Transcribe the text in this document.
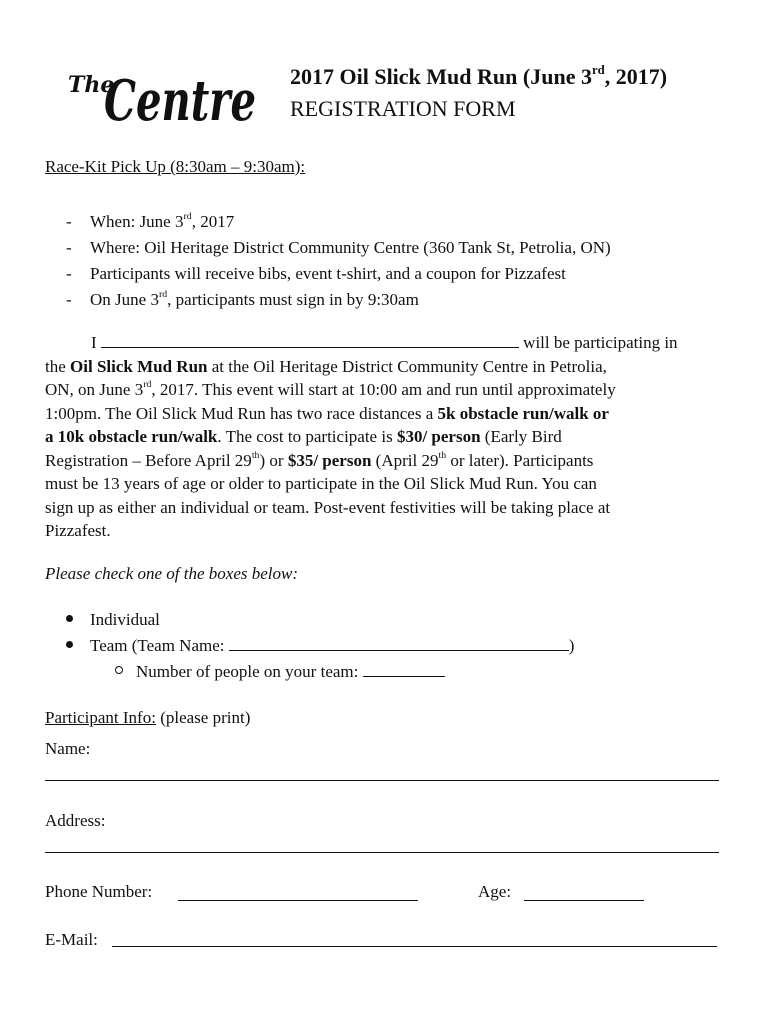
The
Centre 2017 Oil Slick Mud Run (June 3rd, 2017)
REGISTRATION FORM
Race-Kit Pick Up (8:30am – 9:30am):
- When: June 3rd, 2017
- Where: Oil Heritage District Community Centre (360 Tank St, Petrolia, ON)
- Participants will receive bibs, event t-shirt, and a coupon for Pizzafest
- On June 3rd, participants must sign in by 9:30am
I	will be participating in
the Oil Slick Mud Run at the Oil Heritage District Community Centre in Petrolia,
ON, on June 3rd, 2017. This event will start at 10:00 am and run until approximately
1:00pm. The Oil Slick Mud Run has two race distances a 5k obstacle run/walk or
a 10k obstacle run/walk. The cost to participate is $30/ person (Early Bird
Registration – Before April 29th) or $35/ person (April 29th or later). Participants
must be 13 years of age or older to participate in the Oil Slick Mud Run. You can
sign up as either an individual or team. Post-event festivities will be taking place at
Pizzafest.
Please check one of the boxes below:
Individual
Team (Team Name:	)
Number of people on your team:
Participant Info: (please print)
Name:
Address:
Phone Number:	Age:
E-Mail:
